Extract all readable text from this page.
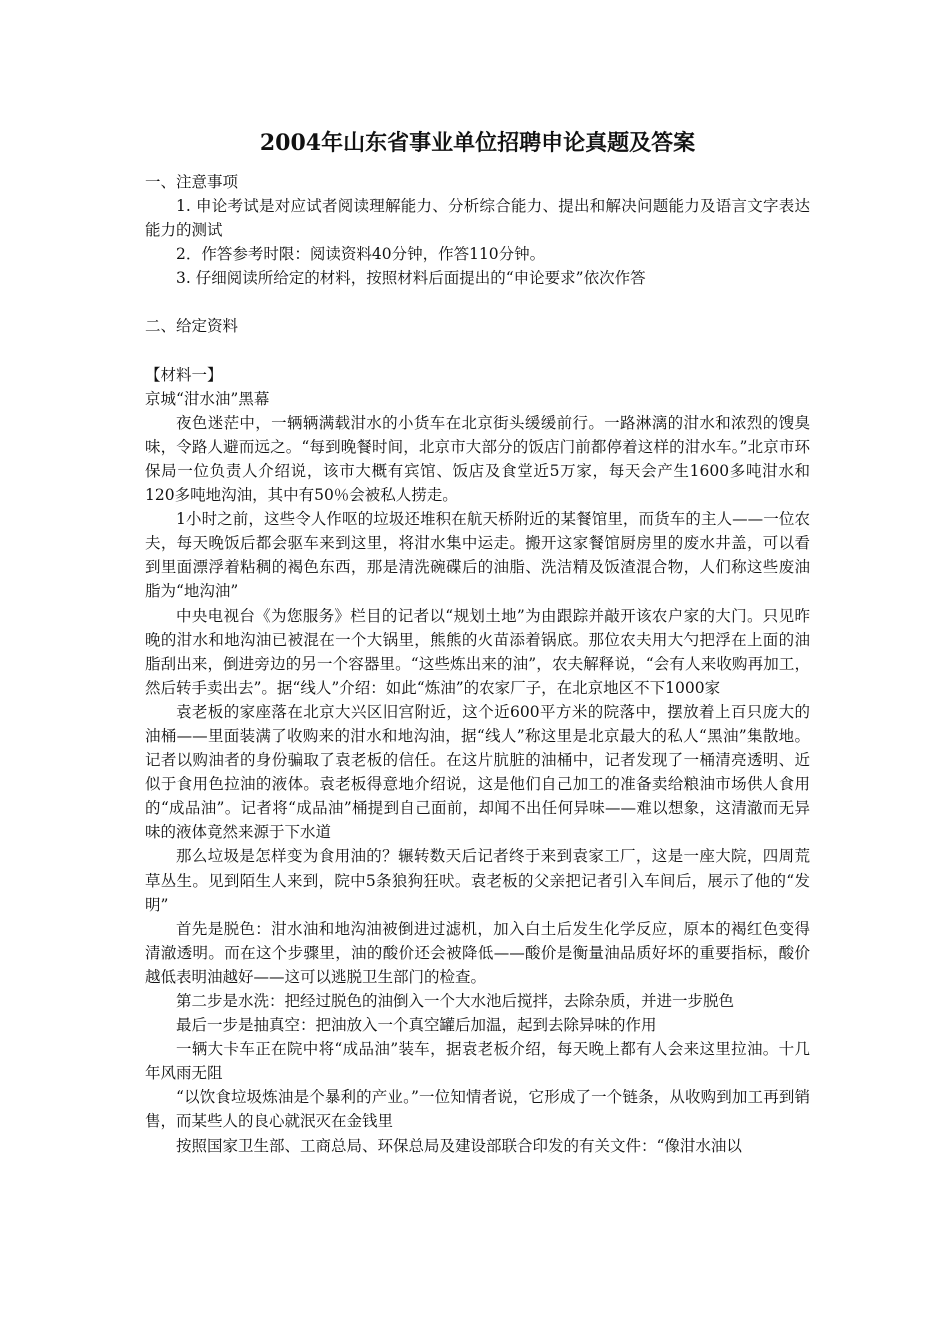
2004年山东省事业单位招聘申论真题及答案

一、注意事项

1. 申论考试是对应试者阅读理解能力、分析综合能力、提出和解决问题能力及语言文字表达能力的测试

2．作答参考时限：阅读资料40分钟，作答110分钟。

3. 仔细阅读所给定的材料，按照材料后面提出的“申论要求”依次作答

二、给定资料

【材料一】

京城“泔水油”黑幕

夜色迷茫中，一辆辆满载泔水的小货车在北京街头缓缓前行。一路淋漓的泔水和浓烈的馊臭味，令路人避而远之。“每到晚餐时间，北京市大部分的饭店门前都停着这样的泔水车。”北京市环保局一位负责人介绍说，该市大概有宾馆、饭店及食堂近5万家，每天会产生1600多吨泔水和120多吨地沟油，其中有50％会被私人捞走。

1小时之前，这些令人作呕的垃圾还堆积在航天桥附近的某餐馆里，而货车的主人——一位农夫，每天晚饭后都会驱车来到这里，将泔水集中运走。搬开这家餐馆厨房里的废水井盖，可以看到里面漂浮着粘稠的褐色东西，那是清洗碗碟后的油脂、洗洁精及饭渣混合物，人们称这些废油脂为“地沟油”

中央电视台《为您服务》栏目的记者以“规划土地”为由跟踪并敲开该农户家的大门。只见昨晚的泔水和地沟油已被混在一个大锅里，熊熊的火苗添着锅底。那位农夫用大勺把浮在上面的油脂刮出来，倒进旁边的另一个容器里。“这些炼出来的油”，农夫解释说，“会有人来收购再加工，然后转手卖出去”。据“线人”介绍：如此“炼油”的农家厂子，在北京地区不下1000家

袁老板的家座落在北京大兴区旧宫附近，这个近600平方米的院落中，摆放着上百只庞大的油桶——里面装满了收购来的泔水和地沟油，据“线人”称这里是北京最大的私人“黑油”集散地。记者以购油者的身份骗取了袁老板的信任。在这片肮脏的油桶中，记者发现了一桶清亮透明、近似于食用色拉油的液体。袁老板得意地介绍说，这是他们自己加工的准备卖给粮油市场供人食用的“成品油”。记者将“成品油”桶提到自己面前，却闻不出任何异味——难以想象，这清澈而无异味的液体竟然来源于下水道

那么垃圾是怎样变为食用油的？辗转数天后记者终于来到袁家工厂，这是一座大院，四周荒草丛生。见到陌生人来到，院中5条狼狗狂吠。袁老板的父亲把记者引入车间后，展示了他的“发明”

首先是脱色：泔水油和地沟油被倒进过滤机，加入白土后发生化学反应，原本的褐红色变得清澈透明。而在这个步骤里，油的酸价还会被降低——酸价是衡量油品质好坏的重要指标，酸价越低表明油越好——这可以逃脱卫生部门的检查。

第二步是水洗：把经过脱色的油倒入一个大水池后搅拌，去除杂质，并进一步脱色

最后一步是抽真空：把油放入一个真空罐后加温，起到去除异味的作用

一辆大卡车正在院中将“成品油”装车，据袁老板介绍，每天晚上都有人会来这里拉油。十几年风雨无阻

“以饮食垃圾炼油是个暴利的产业。”一位知情者说，它形成了一个链条，从收购到加工再到销售，而某些人的良心就泯灭在金钱里

按照国家卫生部、工商总局、环保总局及建设部联合印发的有关文件：“像泔水油以
